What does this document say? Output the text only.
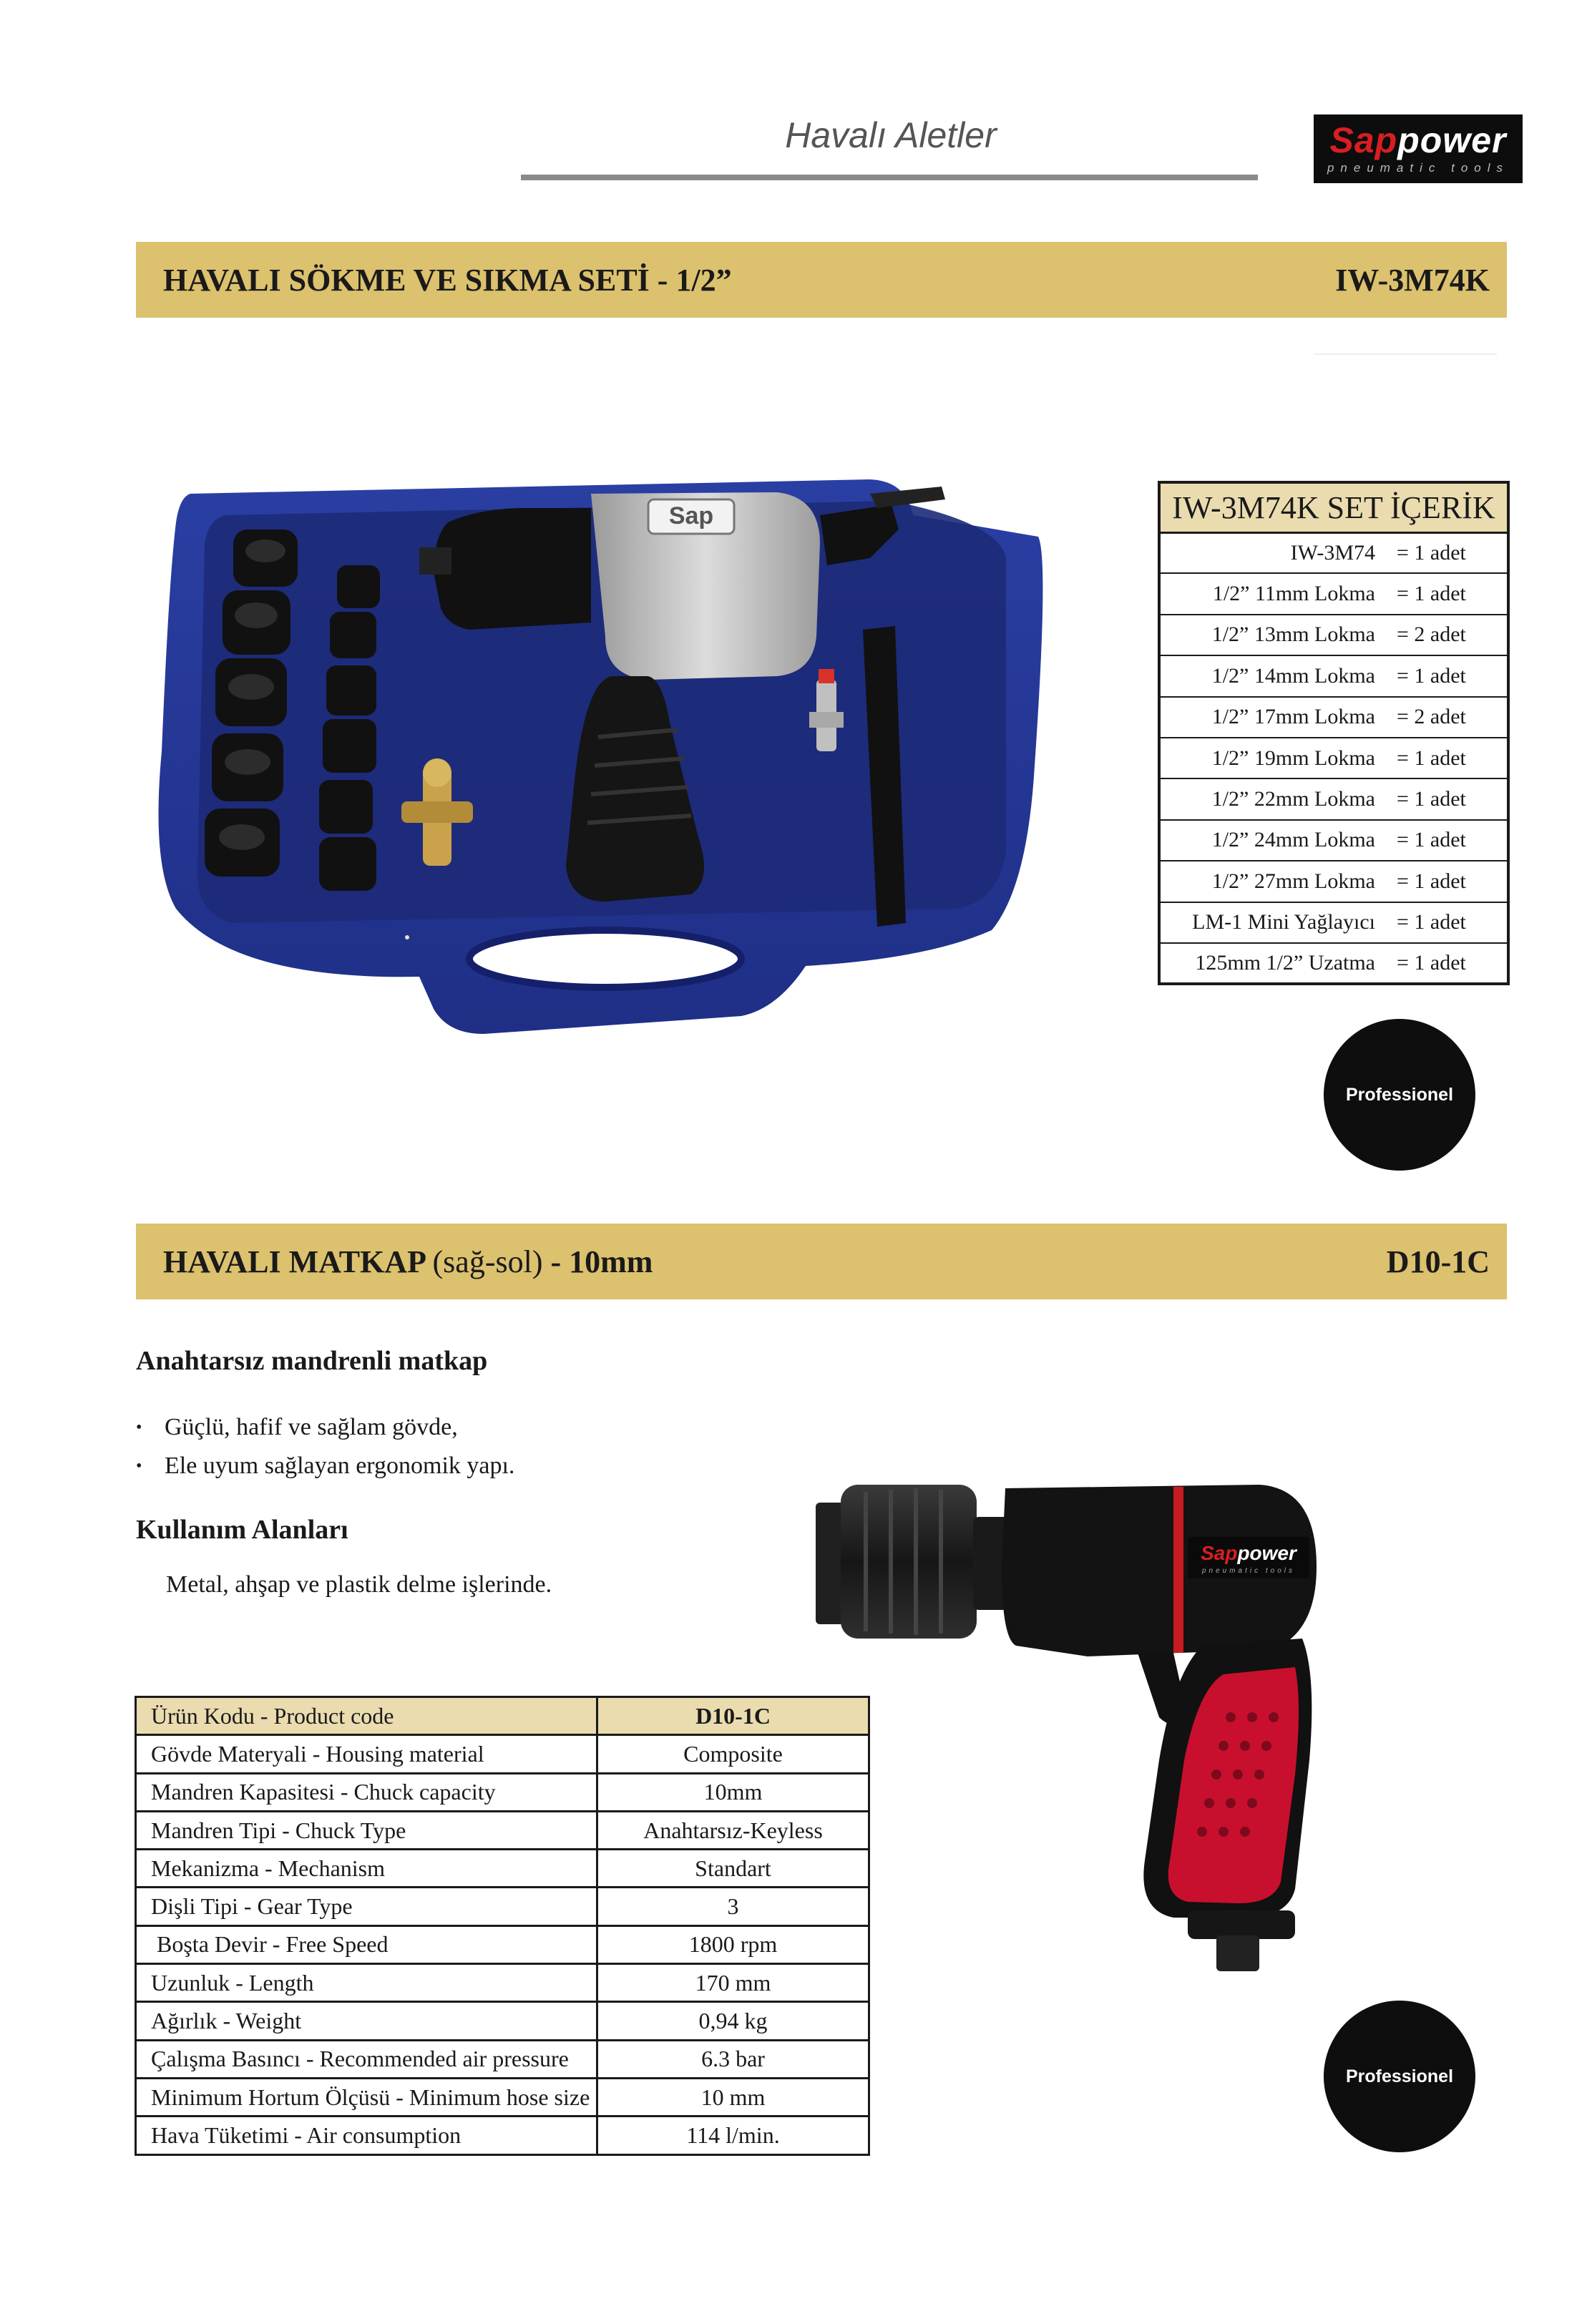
Havalı Aletler	Sappower
pneumatic tools
HAVALI SÖKME VE SIKMA SETİ - 1/2”	IW-3M74K
Sap	IW-3M74K SET İÇERİK	
IW-3M74	= 1 adet
1/2” 11mm Lokma	= 1 adet
1/2” 13mm Lokma	= 2 adet
1/2” 14mm Lokma	= 1 adet
1/2” 17mm Lokma	= 2 adet
1/2” 19mm Lokma	= 1 adet
1/2” 22mm Lokma	= 1 adet
1/2” 24mm Lokma	= 1 adet
1/2” 27mm Lokma	= 1 adet
LM-1 Mini Yağlayıcı	= 1 adet
125mm 1/2” Uzatma	= 1 adet
Professionel
HAVALI MATKAP (sağ-sol) - 10mm	D10-1C
Anahtarsız mandrenli matkap
• Güçlü, hafif ve sağlam gövde,
• Ele uyum sağlayan ergonomik yapı.
Kullanım Alanları
Metal, ahşap ve plastik delme işlerinde.
Sappower
pneumatic tools
Ürün Kodu - Product code	D10-1C
Gövde Materyali - Housing material	Composite
Mandren Kapasitesi - Chuck capacity	10mm
Mandren Tipi - Chuck Type	Anahtarsız-Keyless
Mekanizma - Mechanism	Standart
Dişli Tipi - Gear Type	3
Boşta Devir - Free Speed	1800 rpm
Uzunluk - Length	170 mm
Ağırlık - Weight	0,94 kg
Çalışma Basıncı - Recommended air pressure	6.3 bar
Minimum Hortum Ölçüsü - Minimum hose size	10 mm
Hava Tüketimi - Air consumption	114 l/min.
Professionel
